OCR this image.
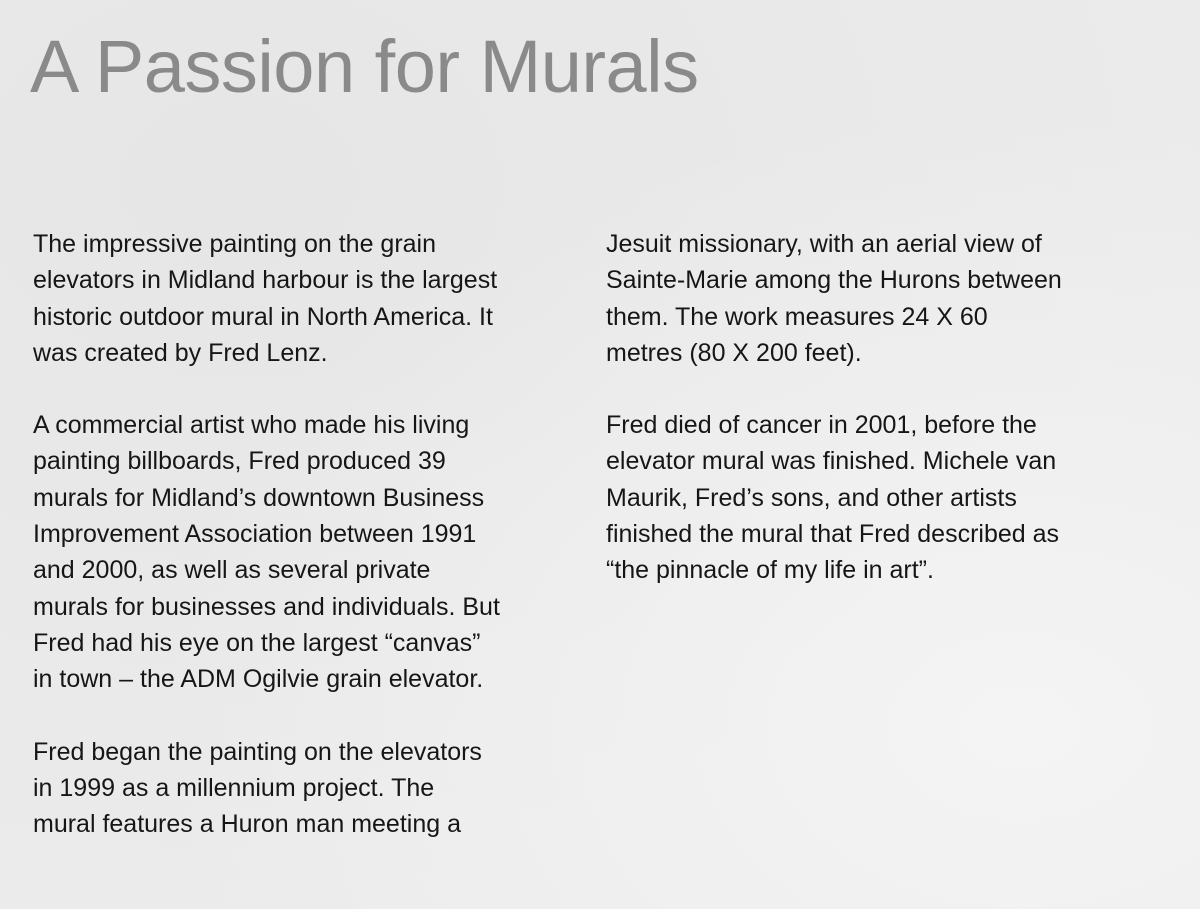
A Passion for Murals

The impressive painting on the grain
elevators in Midland harbour is the largest
historic outdoor mural in North America. It
was created by Fred Lenz.

A commercial artist who made his living
painting billboards, Fred produced 39
murals for Midland’s downtown Business
Improvement Association between 1991
and 2000, as well as several private
murals for businesses and individuals. But
Fred had his eye on the largest “canvas”
in town – the ADM Ogilvie grain elevator.

Fred began the painting on the elevators
in 1999 as a millennium project. The
mural features a Huron man meeting a

Jesuit missionary, with an aerial view of
Sainte-Marie among the Hurons between
them. The work measures 24 X 60
metres (80 X 200 feet).

Fred died of cancer in 2001, before the
elevator mural was finished. Michele van
Maurik, Fred’s sons, and other artists
finished the mural that Fred described as
“the pinnacle of my life in art”.
